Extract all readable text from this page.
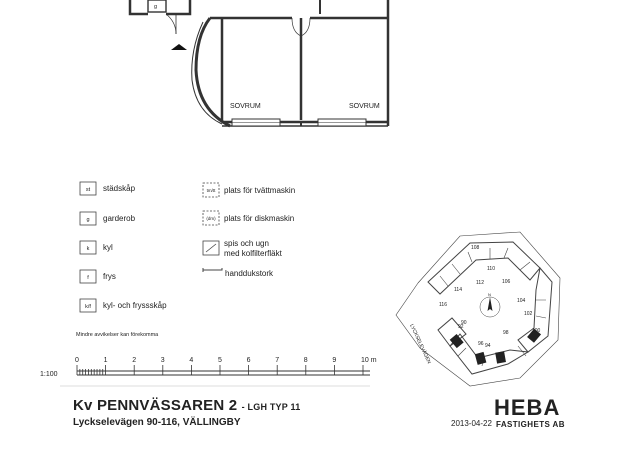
g
SOVRUM	SOVRUM
st
g
k
f
k/f
städskåp
garderob
kyl
frys
kyl- och fryssskåp
Mindre avvikelser kan förekomma
tm/tt
(dm)
plats för tvättmaskin
plats för diskmaskin
spis och ugn
med kolfilterfläkt
handdukstork
0	1	2	3	4	5	6	7	8	9	10 m
1:100
N
LYCKSELEVÄGEN
108
110
112
114
116
106
104
102
100
98
96 94
92
90
Kv PENNVÄSSAREN 2 - LGH TYP 11
Lyckselevägen 90-116, VÄLLINGBY	2013-04-22
HEBA
FASTIGHETS AB
